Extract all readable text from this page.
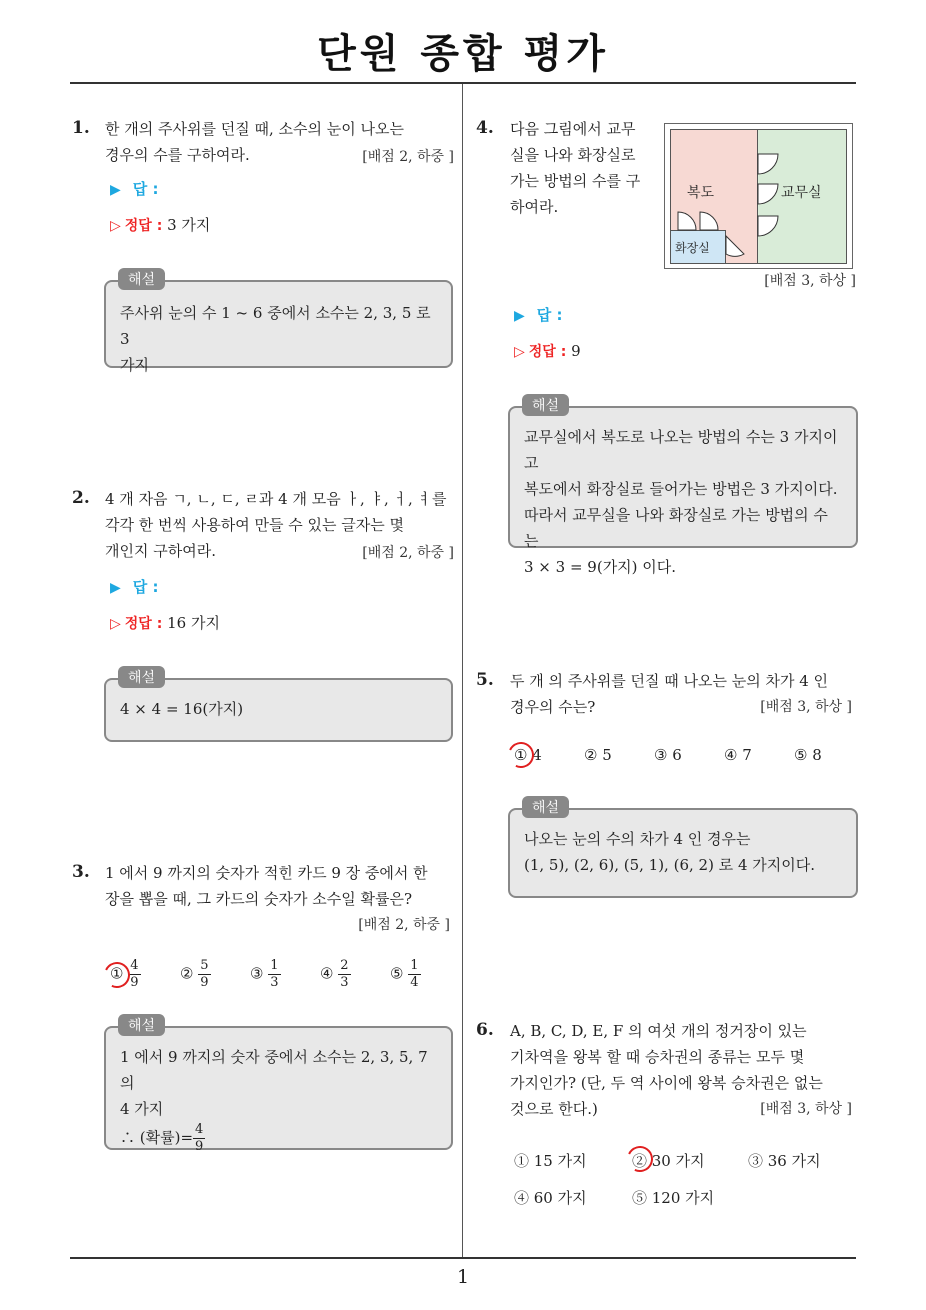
단원 종합 평가
1
1. 한 개의 주사위를 던질 때, 소수의 눈이 나오는
경우의 수를 구하여라.	[배점 2, 하중 ]
▶ 답 :
▷ 정답 : 3 가지
주사위 눈의 수 1 ~ 6 중에서 소수는 2, 3, 5 로 3
가지
해설
2. 4 개 자음 ㄱ, ㄴ, ㄷ, ㄹ과 4 개 모음 ㅏ, ㅑ, ㅓ, ㅕ를
각각 한 번씩 사용하여 만들 수 있는 글자는 몇
개인지 구하여라.	[배점 2, 하중 ]
▶ 답 :
▷ 정답 : 16 가지
4 × 4 = 16(가지)
해설
3. 1 에서 9 까지의 숫자가 적힌 카드 9 장 중에서 한
장을 뽑을 때, 그 카드의 숫자가 소수일 확률은?
[배점 2, 하중 ]
① $\frac{4}{9}$	② $\frac{5}{9}$	③ $\frac{1}{3}$	④ $\frac{2}{3}$	⑤ $\frac{1}{4}$
1 에서 9 까지의 숫자 중에서 소수는 2, 3, 5, 7 의
4 가지
∴ (확률)= $\frac{4}{9}$
해설
4. 다음 그림에서 교무
실을 나와 화장실로
가는 방법의 수를 구
하여라.
복도	교무실
화장실
[배점 3, 하상 ]
▶ 답 :
▷ 정답 : 9
교무실에서 복도로 나오는 방법의 수는 3 가지이고
복도에서 화장실로 들어가는 방법은 3 가지이다.
따라서 교무실을 나와 화장실로 가는 방법의 수는
3 × 3 = 9(가지) 이다.
해설
5. 두 개 의 주사위를 던질 때 나오는 눈의 차가 4 인
경우의 수는?	[배점 3, 하상 ]
① 4	② 5	③ 6	④ 7	⑤ 8
나오는 눈의 수의 차가 4 인 경우는
(1, 5), (2, 6), (5, 1), (6, 2) 로 4 가지이다.
해설
6. A, B, C, D, E, F 의 여섯 개의 정거장이 있는
기차역을 왕복 할 때 승차권의 종류는 모두 몇
가지인가? (단, 두 역 사이에 왕복 승차권은 없는
것으로 한다.)	[배점 3, 하상 ]
① 15 가지	② 30 가지	③ 36 가지
④ 60 가지	⑤ 120 가지
